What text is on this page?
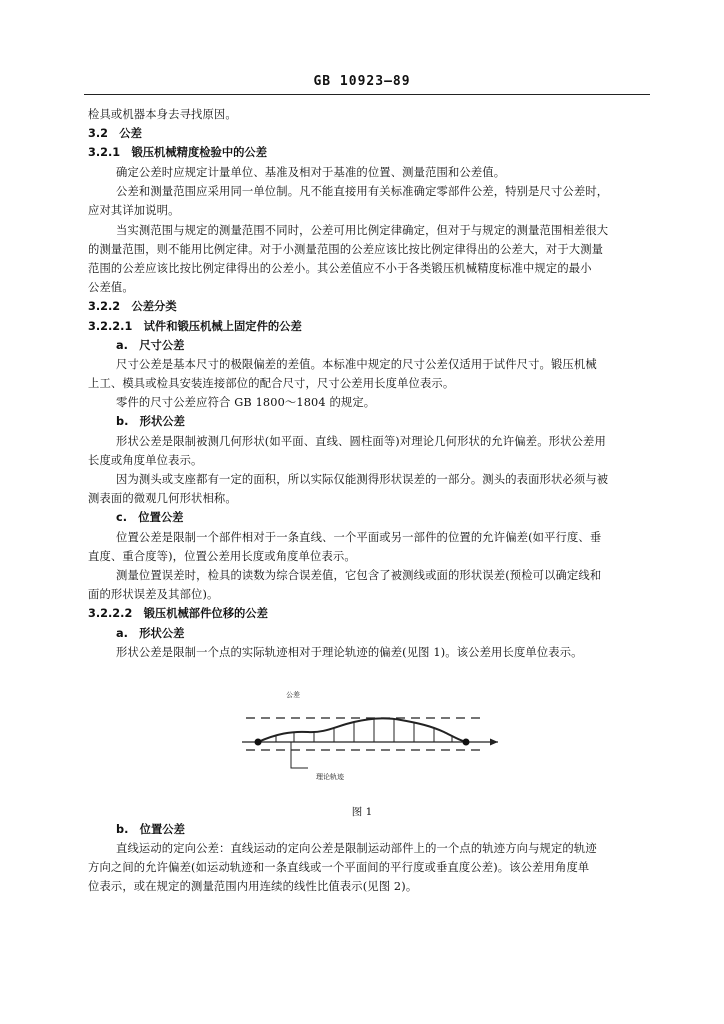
GB 10923—89
检具或机器本身去寻找原因。
3.2　公差
3.2.1　锻压机械精度检验中的公差
确定公差时应规定计量单位、基准及相对于基准的位置、测量范围和公差值。
公差和测量范围应采用同一单位制。凡不能直接用有关标准确定零部件公差，特别是尺寸公差时，
应对其详加说明。
当实测范围与规定的测量范围不同时，公差可用比例定律确定，但对于与规定的测量范围相差很大
的测量范围，则不能用比例定律。对于小测量范围的公差应该比按比例定律得出的公差大，对于大测量
范围的公差应该比按比例定律得出的公差小。其公差值应不小于各类锻压机械精度标准中规定的最小
公差值。
3.2.2　公差分类
3.2.2.1　试件和锻压机械上固定件的公差
a.　尺寸公差
尺寸公差是基本尺寸的极限偏差的差值。本标准中规定的尺寸公差仅适用于试件尺寸。锻压机械
上工、模具或检具安装连接部位的配合尺寸，尺寸公差用长度单位表示。
零件的尺寸公差应符合 GB 1800～1804 的规定。
b.　形状公差
形状公差是限制被测几何形状(如平面、直线、圆柱面等)对理论几何形状的允许偏差。形状公差用
长度或角度单位表示。
因为测头或支座都有一定的面积，所以实际仅能测得形状误差的一部分。测头的表面形状必须与被
测表面的微观几何形状相称。
c.　位置公差
位置公差是限制一个部件相对于一条直线、一个平面或另一部件的位置的允许偏差(如平行度、垂
直度、重合度等)，位置公差用长度或角度单位表示。
测量位置误差时，检具的读数为综合误差值，它包含了被测线或面的形状误差(预检可以确定线和
面的形状误差及其部位)。
3.2.2.2　锻压机械部件位移的公差
a.　形状公差
形状公差是限制一个点的实际轨迹相对于理论轨迹的偏差(见图 1)。该公差用长度单位表示。
公差
理论轨迹
图 1
b.　位置公差
直线运动的定向公差：直线运动的定向公差是限制运动部件上的一个点的轨迹方向与规定的轨迹
方向之间的允许偏差(如运动轨迹和一条直线或一个平面间的平行度或垂直度公差)。该公差用角度单
位表示，或在规定的测量范围内用连续的线性比值表示(见图 2)。
